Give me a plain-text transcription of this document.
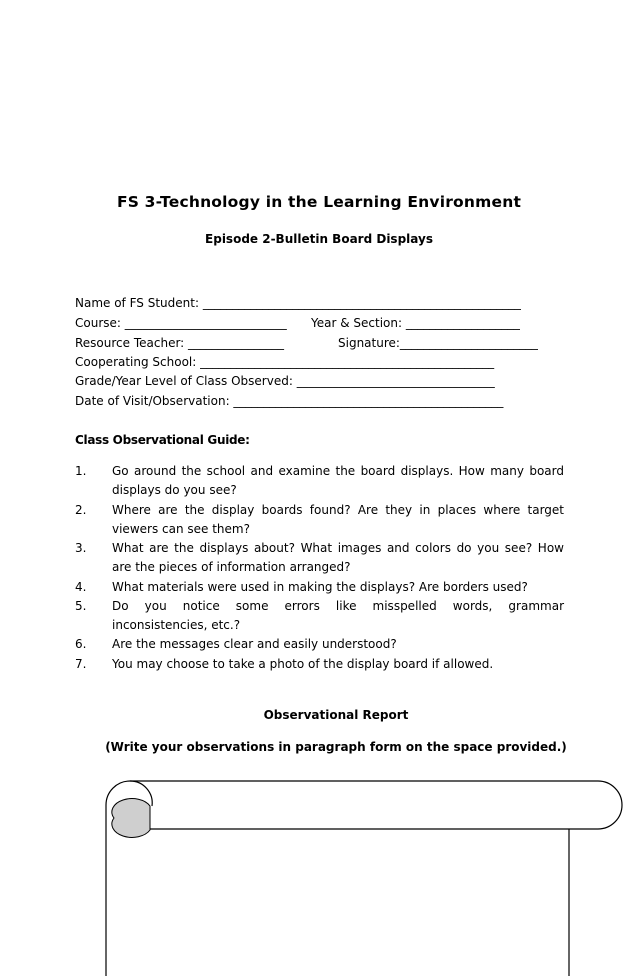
FS 3-Technology in the Learning Environment
Episode 2-Bulletin Board Displays
Name of FS Student: _____________________________________________________
Course: ___________________________ Year & Section: ___________________
Resource Teacher: ________________	Signature:_______________________
Cooperating School: _________________________________________________
Grade/Year Level of Class Observed: _________________________________
Date of Visit/Observation: _____________________________________________
Class Observational Guide:
1. Go around the school and examine the board displays. How many board displays do you see?
2. Where are the display boards found? Are they in places where target viewers can see them?
3. What are the displays about? What images and colors do you see? How are the pieces of information arranged?
4. What materials were used in making the displays? Are borders used?
5. Do you notice some errors like misspelled words, grammar inconsistencies, etc.?
6. Are the messages clear and easily understood?
7. You may choose to take a photo of the display board if allowed.
Observational Report
(Write your observations in paragraph form on the space provided.)
